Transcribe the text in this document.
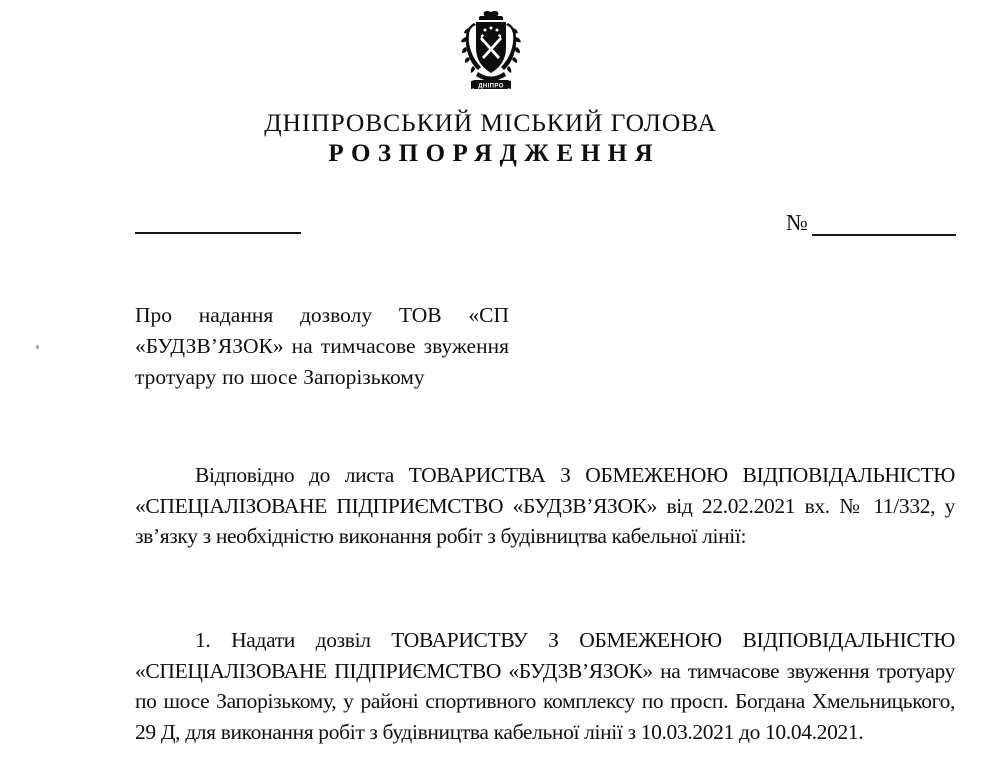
ДНІПРО
ДНІПРОВСЬКИЙ МІСЬКИЙ ГОЛОВА
РОЗПОРЯДЖЕННЯ
№
Про надання дозволу ТОВ «СП «БУДЗВ’ЯЗОК» на тимчасове звуження тротуару по шосе Запорізькому

Відповідно до листа ТОВАРИСТВА З ОБМЕЖЕНОЮ ВІДПОВІДАЛЬНІСТЮ «СПЕЦІАЛІЗОВАНЕ ПІДПРИЄМСТВО «БУДЗВ’ЯЗОК» від 22.02.2021 вх. № 11/332, у зв’язку з необхідністю виконання робіт з будівництва кабельної лінії:

1. Надати дозвіл ТОВАРИСТВУ З ОБМЕЖЕНОЮ ВІДПОВІДАЛЬНІСТЮ «СПЕЦІАЛІЗОВАНЕ ПІДПРИЄМСТВО «БУДЗВ’ЯЗОК» на тимчасове звуження тротуару по шосе Запорізькому, у районі спортивного комплексу по просп. Богдана Хмельницького, 29 Д, для виконання робіт з будівництва кабельної лінії з 10.03.2021 до 10.04.2021.
